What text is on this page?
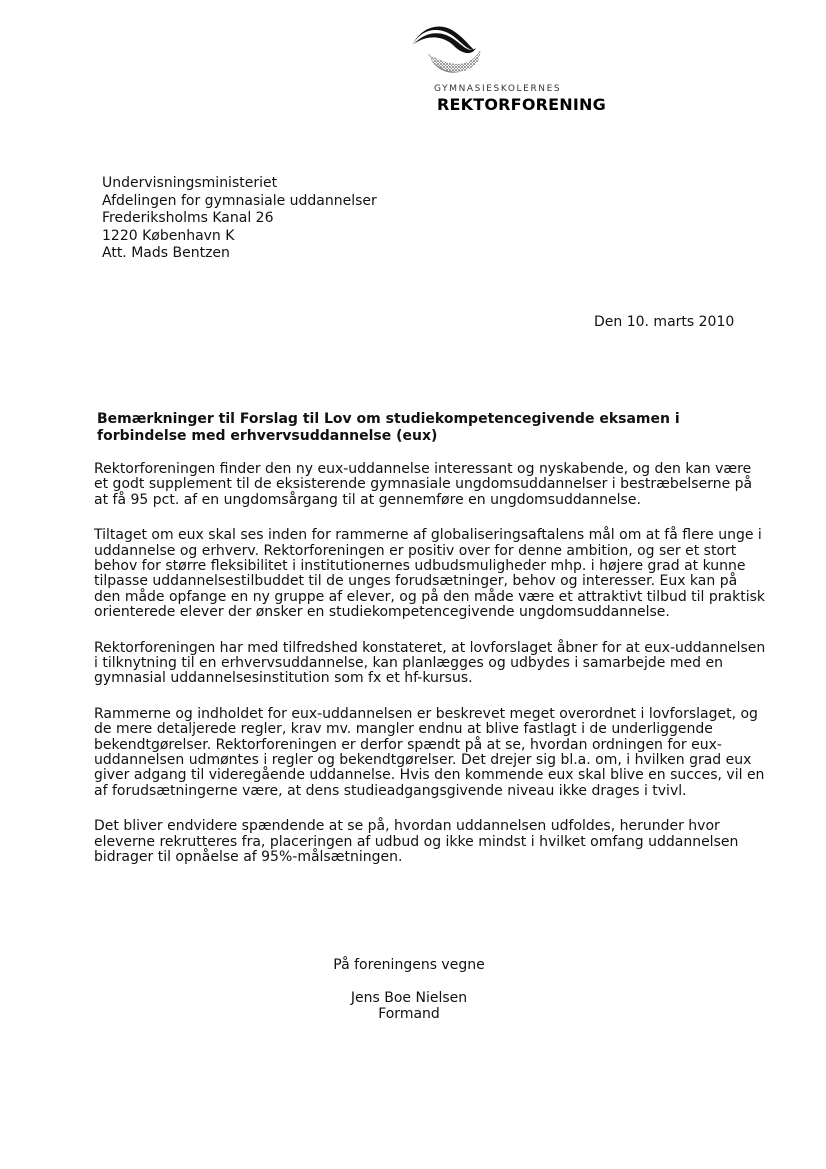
GYMNASIESKOLERNES
REKTORFORENING
Undervisningsministeriet
Afdelingen for gymnasiale uddannelser
Frederiksholms Kanal 26
1220 København K
Att. Mads Bentzen
Den 10. marts 2010
Bemærkninger til Forslag til Lov om studiekompetencegivende eksamen i forbindelse med erhvervsuddannelse (eux)

Rektorforeningen finder den ny eux-uddannelse interessant og nyskabende, og den kan være et godt supplement til de eksisterende gymnasiale ungdomsuddannelser i bestræbelserne på at få 95 pct. af en ungdomsårgang til at gennemføre en ungdomsuddannelse.

Tiltaget om eux skal ses inden for rammerne af globaliseringsaftalens mål om at få flere unge i uddannelse og erhverv. Rektorforeningen er positiv over for denne ambition, og ser et stort behov for større fleksibilitet i institutionernes udbudsmuligheder mhp. i højere grad at kunne tilpasse uddannelsestilbuddet til de unges forudsætninger, behov og interesser. Eux kan på den måde opfange en ny gruppe af elever, og på den måde være et attraktivt tilbud til praktisk orienterede elever der ønsker en studiekompetencegivende ungdomsuddannelse.

Rektorforeningen har med tilfredshed konstateret, at lovforslaget åbner for at eux-uddannelsen i tilknytning til en erhvervsuddannelse, kan planlægges og udbydes i samarbejde med en gymnasial uddannelsesinstitution som fx et hf-kursus.

Rammerne og indholdet for eux-uddannelsen er beskrevet meget overordnet i lovforslaget, og de mere detaljerede regler, krav mv. mangler endnu at blive fastlagt i de underliggende bekendtgørelser. Rektorforeningen er derfor spændt på at se, hvordan ordningen for eux-uddannelsen udmøntes i regler og bekendtgørelser. Det drejer sig bl.a. om, i hvilken grad eux giver adgang til videregående uddannelse. Hvis den kommende eux skal blive en succes, vil en af forudsætningerne være, at dens studieadgangsgivende niveau ikke drages i tvivl.

Det bliver endvidere spændende at se på, hvordan uddannelsen udfoldes, herunder hvor eleverne rekrutteres fra, placeringen af udbud og ikke mindst i hvilket omfang uddannelsen bidrager til opnåelse af 95%-målsætningen.

På foreningens vegne
Jens Boe Nielsen
Formand
